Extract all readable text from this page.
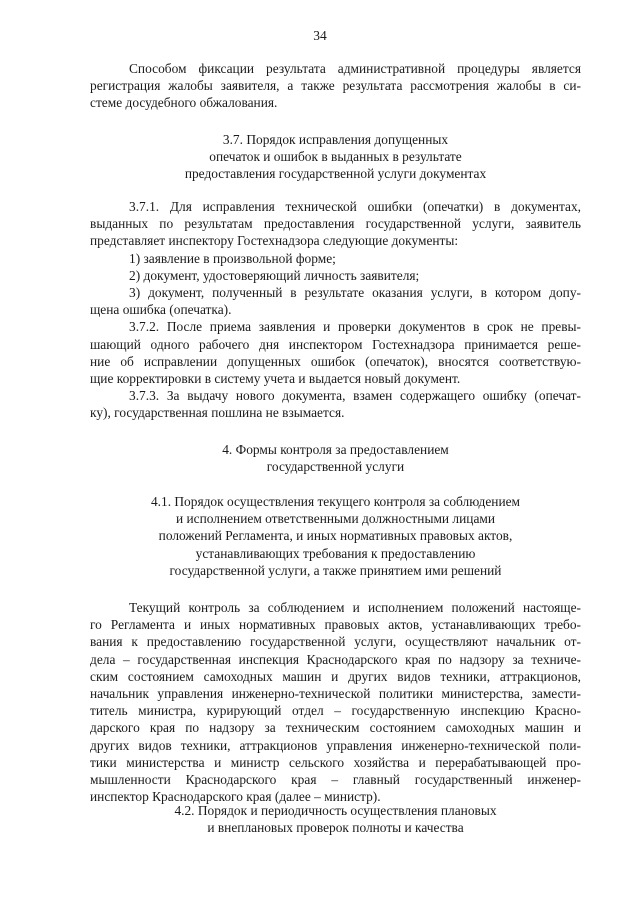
34
Способом фиксации результата административной процедуры является
регистрация жалобы заявителя, а также результата рассмотрения жалобы в си-
стеме досудебного обжалования.
3.7. Порядок исправления допущенных
опечаток и ошибок в выданных в результате
предоставления государственной услуги документах
3.7.1. Для исправления технической ошибки (опечатки) в документах,
выданных по результатам предоставления государственной услуги, заявитель
представляет инспектору Гостехнадзора следующие документы:
1) заявление в произвольной форме;
2) документ, удостоверяющий личность заявителя;
3) документ, полученный в результате оказания услуги, в котором допу-
щена ошибка (опечатка).
3.7.2. После приема заявления и проверки документов в срок не превы-
шающий одного рабочего дня инспектором Гостехнадзора принимается реше-
ние об исправлении допущенных ошибок (опечаток), вносятся соответствую-
щие корректировки в систему учета и выдается новый документ.
3.7.3. За выдачу нового документа, взамен содержащего ошибку (опечат-
ку), государственная пошлина не взымается.
4. Формы контроля за предоставлением
государственной услуги
4.1. Порядок осуществления текущего контроля за соблюдением
и исполнением ответственными должностными лицами
положений Регламента, и иных нормативных правовых актов,
устанавливающих требования к предоставлению
государственной услуги, а также принятием ими решений
Текущий контроль за соблюдением и исполнением положений настояще-
го Регламента и иных нормативных правовых актов, устанавливающих требо-
вания к предоставлению государственной услуги, осуществляют начальник от-
дела – государственная инспекция Краснодарского края по надзору за техниче-
ским состоянием самоходных машин и других видов техники, аттракционов,
начальник управления инженерно-технической политики министерства, замести-
титель министра, курирующий отдел – государственную инспекцию Красно-
дарского края по надзору за техническим состоянием самоходных машин и
других видов техники, аттракционов управления инженерно-технической поли-
тики министерства и министр сельского хозяйства и перерабатывающей про-
мышленности Краснодарского края – главный государственный инженер-
инспектор Краснодарского края (далее – министр).
4.2. Порядок и периодичность осуществления плановых
и внеплановых проверок полноты и качества
